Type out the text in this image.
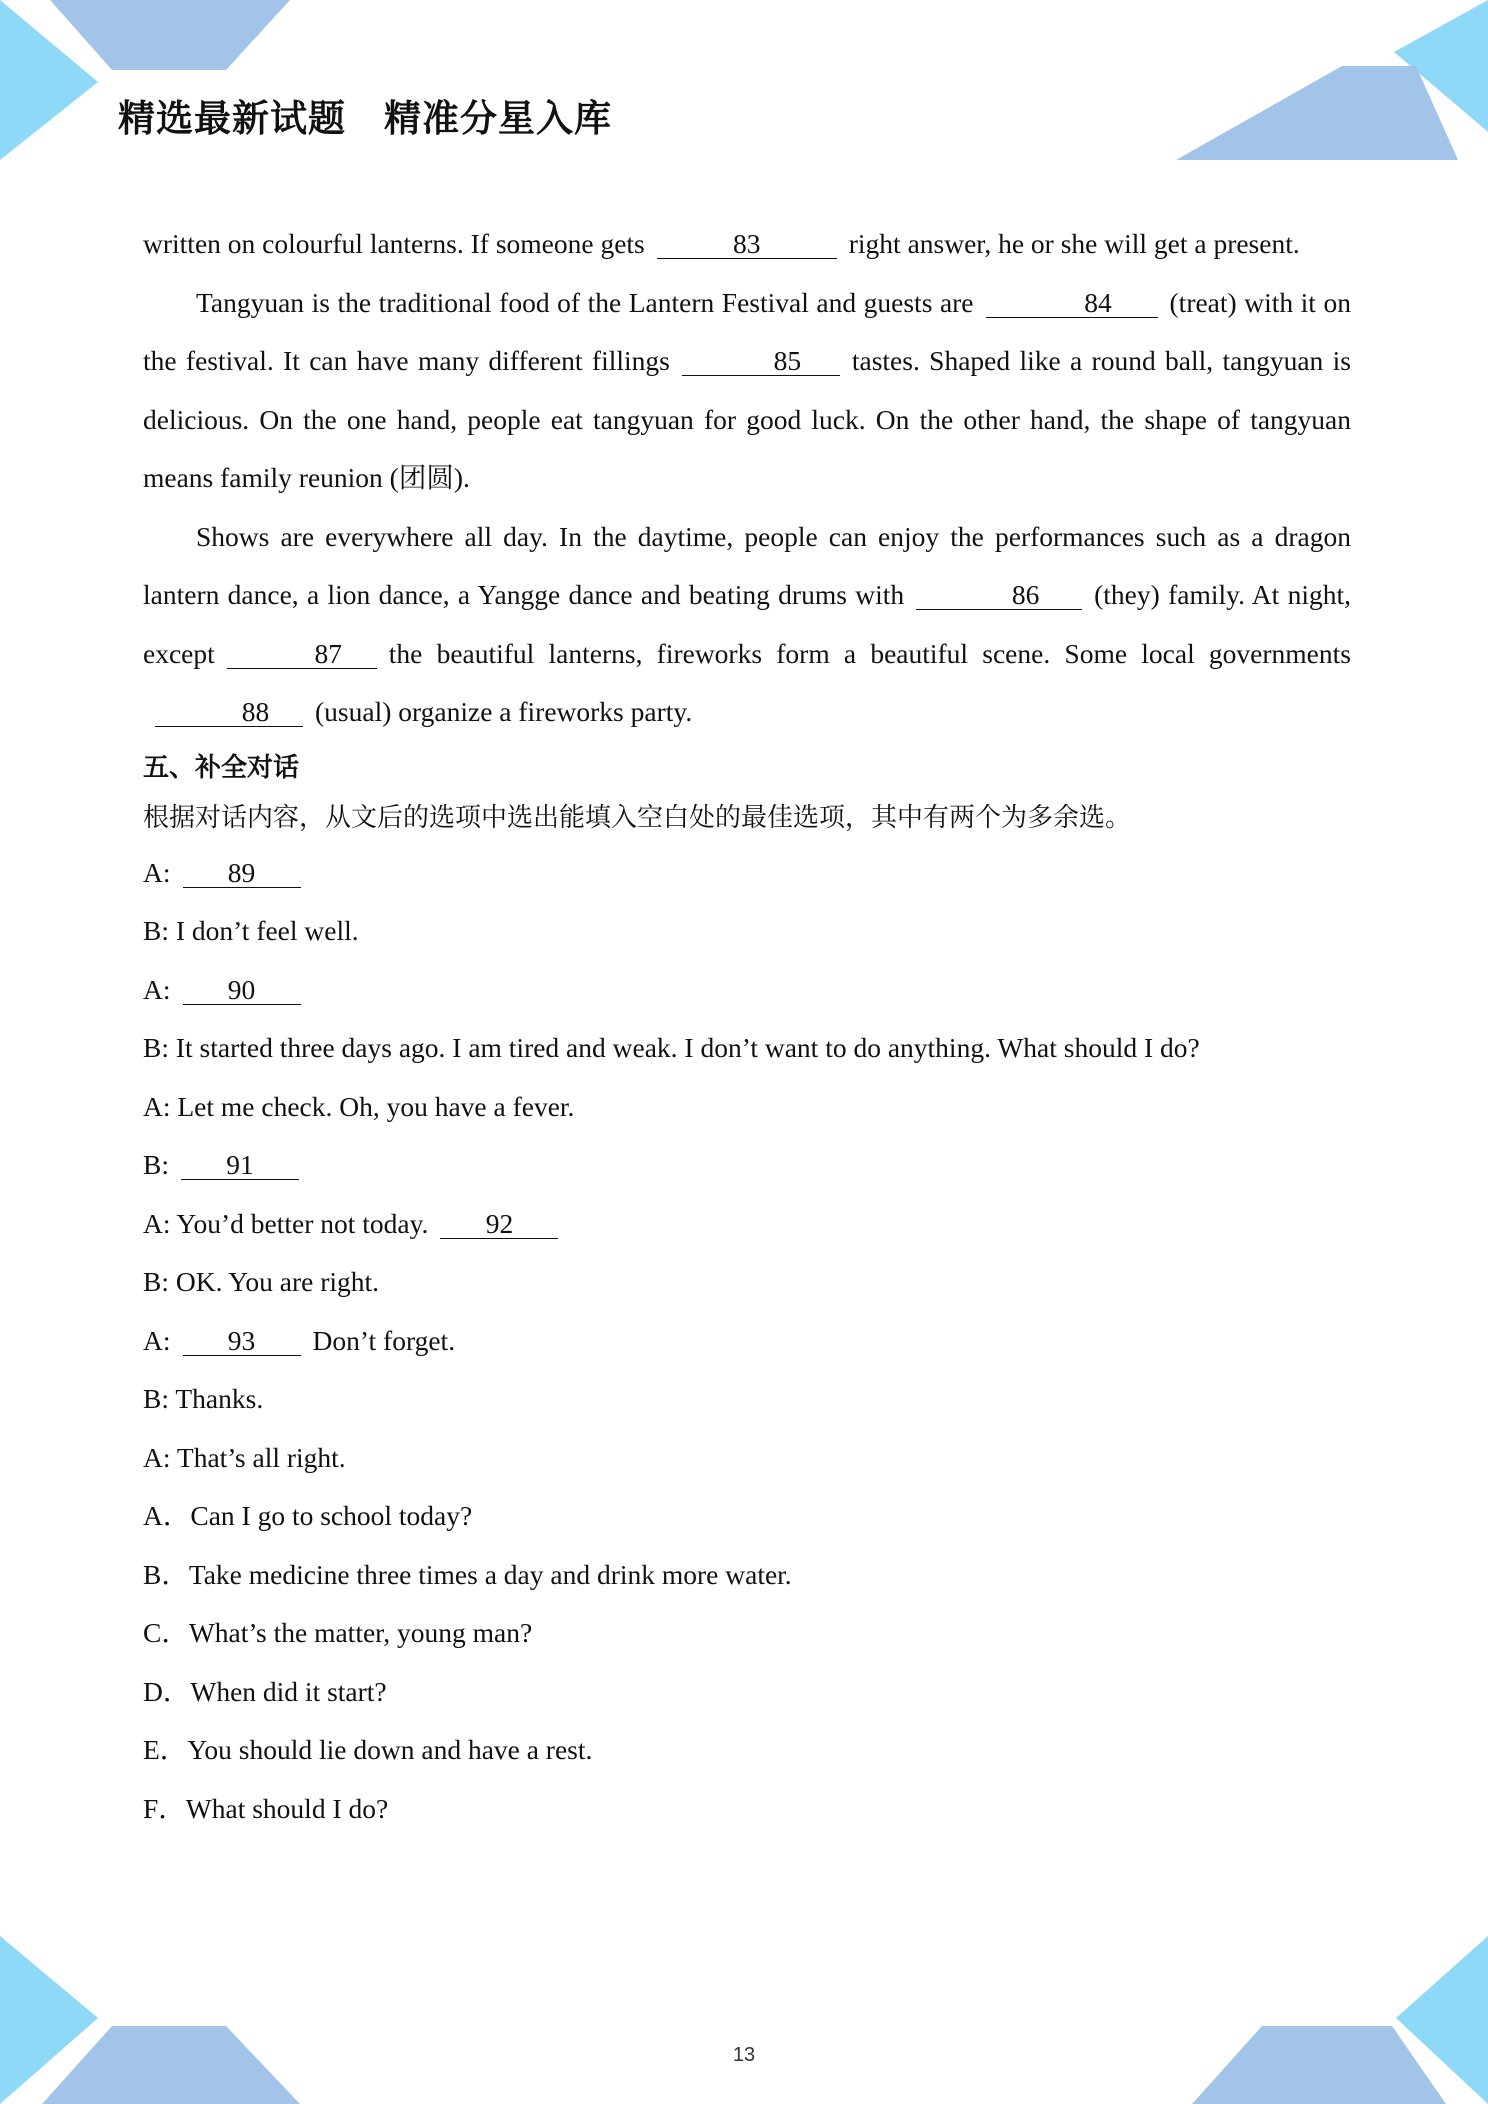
精选最新试题　精准分星入库

written on colourful lanterns. If someone gets	83	right answer, he or she will get a present.

Tangyuan is the traditional food of the Lantern Festival and guests are	84 (treat) with it on the festival. It can have many different fillings	85 tastes. Shaped like a round ball, tangyuan is delicious. On the one hand, people eat tangyuan for good luck. On the other hand, the shape of tangyuan means family reunion (团圆).

Shows are everywhere all day. In the daytime, people can enjoy the performances such as a dragon lantern dance, a lion dance, a Yangge dance and beating drums with	86 (they) family. At night, except	87 the beautiful lanterns, fireworks form a beautiful scene. Some local governments88 (usual) organize a fireworks party.

五、补全对话

根据对话内容，从文后的选项中选出能填入空白处的最佳选项，其中有两个为多余选。

A: 89

B: I don’t feel well.

A: 90

B: It started three days ago. I am tired and weak. I don’t want to do anything. What should I do?

A: Let me check. Oh, you have a fever.

B: 91

A: You’d better not today. 92

B: OK. You are right.

A: 93 Don’t forget.

B: Thanks.

A: That’s all right.

A．Can I go to school today?

B．Take medicine three times a day and drink more water.

C．What’s the matter, young man?

D．When did it start?

E．You should lie down and have a rest.

F．What should I do?

13
